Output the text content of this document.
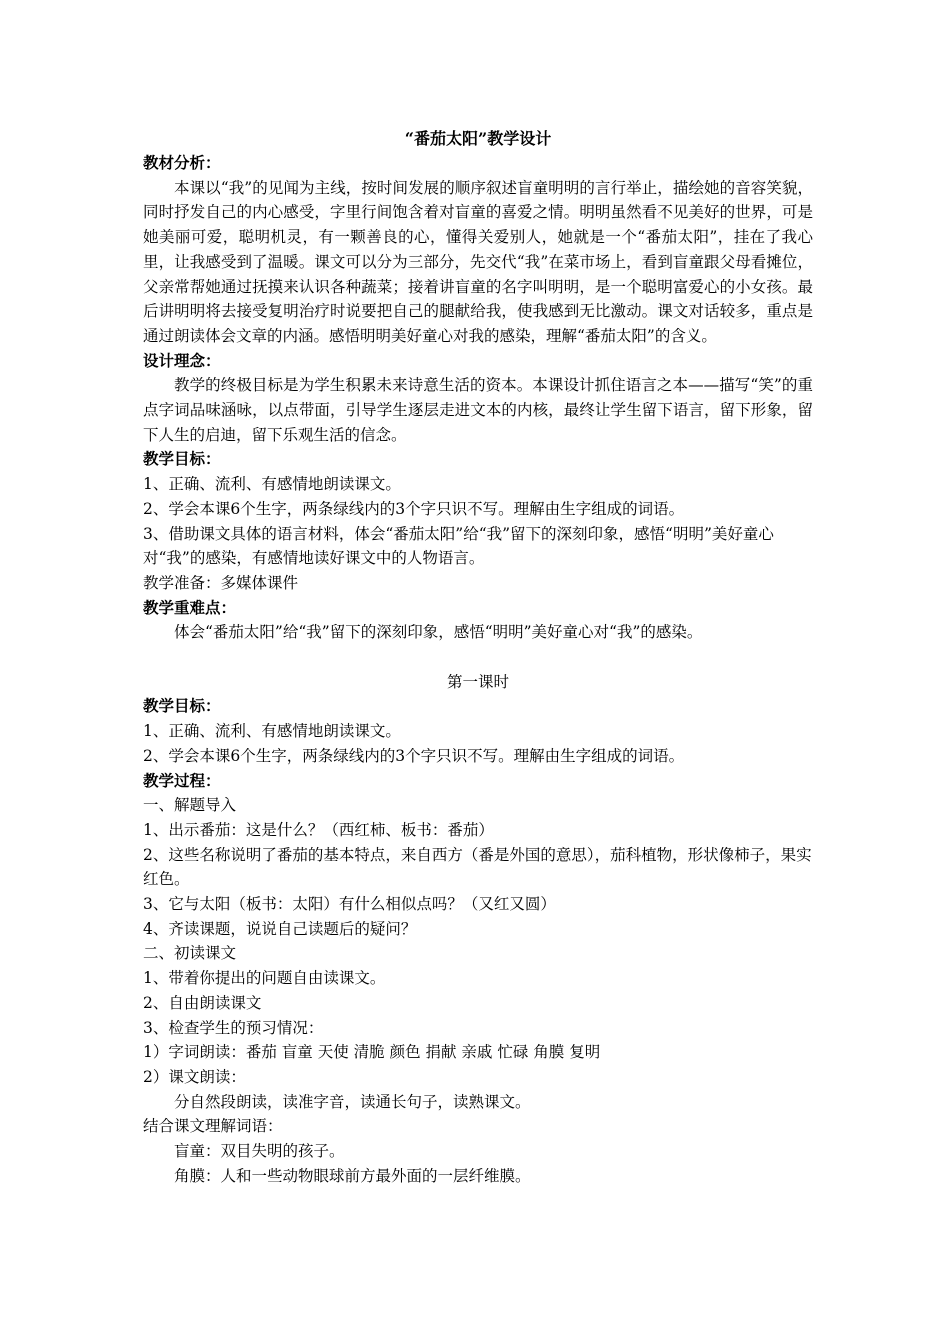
“番茄太阳”教学设计

教材分析：

本课以“我”的见闻为主线，按时间发展的顺序叙述盲童明明的言行举止，描绘她的音容笑貌，同时抒发自己的内心感受，字里行间饱含着对盲童的喜爱之情。明明虽然看不见美好的世界，可是她美丽可爱，聪明机灵，有一颗善良的心，懂得关爱别人，她就是一个“番茄太阳”，挂在了我心里，让我感受到了温暖。课文可以分为三部分，先交代“我”在菜市场上，看到盲童跟父母看摊位，父亲常帮她通过抚摸来认识各种蔬菜；接着讲盲童的名字叫明明，是一个聪明富爱心的小女孩。最后讲明明将去接受复明治疗时说要把自己的腿献给我，使我感到无比激动。课文对话较多，重点是通过朗读体会文章的内涵。感悟明明美好童心对我的感染，理解“番茄太阳”的含义。

设计理念：

教学的终极目标是为学生积累未来诗意生活的资本。本课设计抓住语言之本——描写“笑”的重点字词品味涵咏，以点带面，引导学生逐层走进文本的内核，最终让学生留下语言，留下形象，留下人生的启迪，留下乐观生活的信念。

教学目标：

1、正确、流利、有感情地朗读课文。

2、学会本课6个生字，两条绿线内的3个字只识不写。理解由生字组成的词语。

3、借助课文具体的语言材料，体会“番茄太阳”给“我”留下的深刻印象，感悟“明明”美好童心对“我”的感染，有感情地读好课文中的人物语言。

教学准备：多媒体课件

教学重难点：

体会“番茄太阳”给“我”留下的深刻印象，感悟“明明”美好童心对“我”的感染。

第一课时

教学目标：

1、正确、流利、有感情地朗读课文。

2、学会本课6个生字，两条绿线内的3个字只识不写。理解由生字组成的词语。

教学过程：

一、解题导入

1、出示番茄：这是什么？（西红柿、板书：番茄）

2、这些名称说明了番茄的基本特点，来自西方（番是外国的意思），茄科植物，形状像柿子，果实红色。

3、它与太阳（板书：太阳）有什么相似点吗？（又红又圆）

4、齐读课题，说说自己读题后的疑问？

二、初读课文

1、带着你提出的问题自由读课文。

2、自由朗读课文

3、检查学生的预习情况：

1）字词朗读：番茄 盲童 天使 清脆 颜色 捐献 亲戚 忙碌 角膜 复明

2）课文朗读：

分自然段朗读，读准字音，读通长句子，读熟课文。

结合课文理解词语：

盲童：双目失明的孩子。

角膜：人和一些动物眼球前方最外面的一层纤维膜。
